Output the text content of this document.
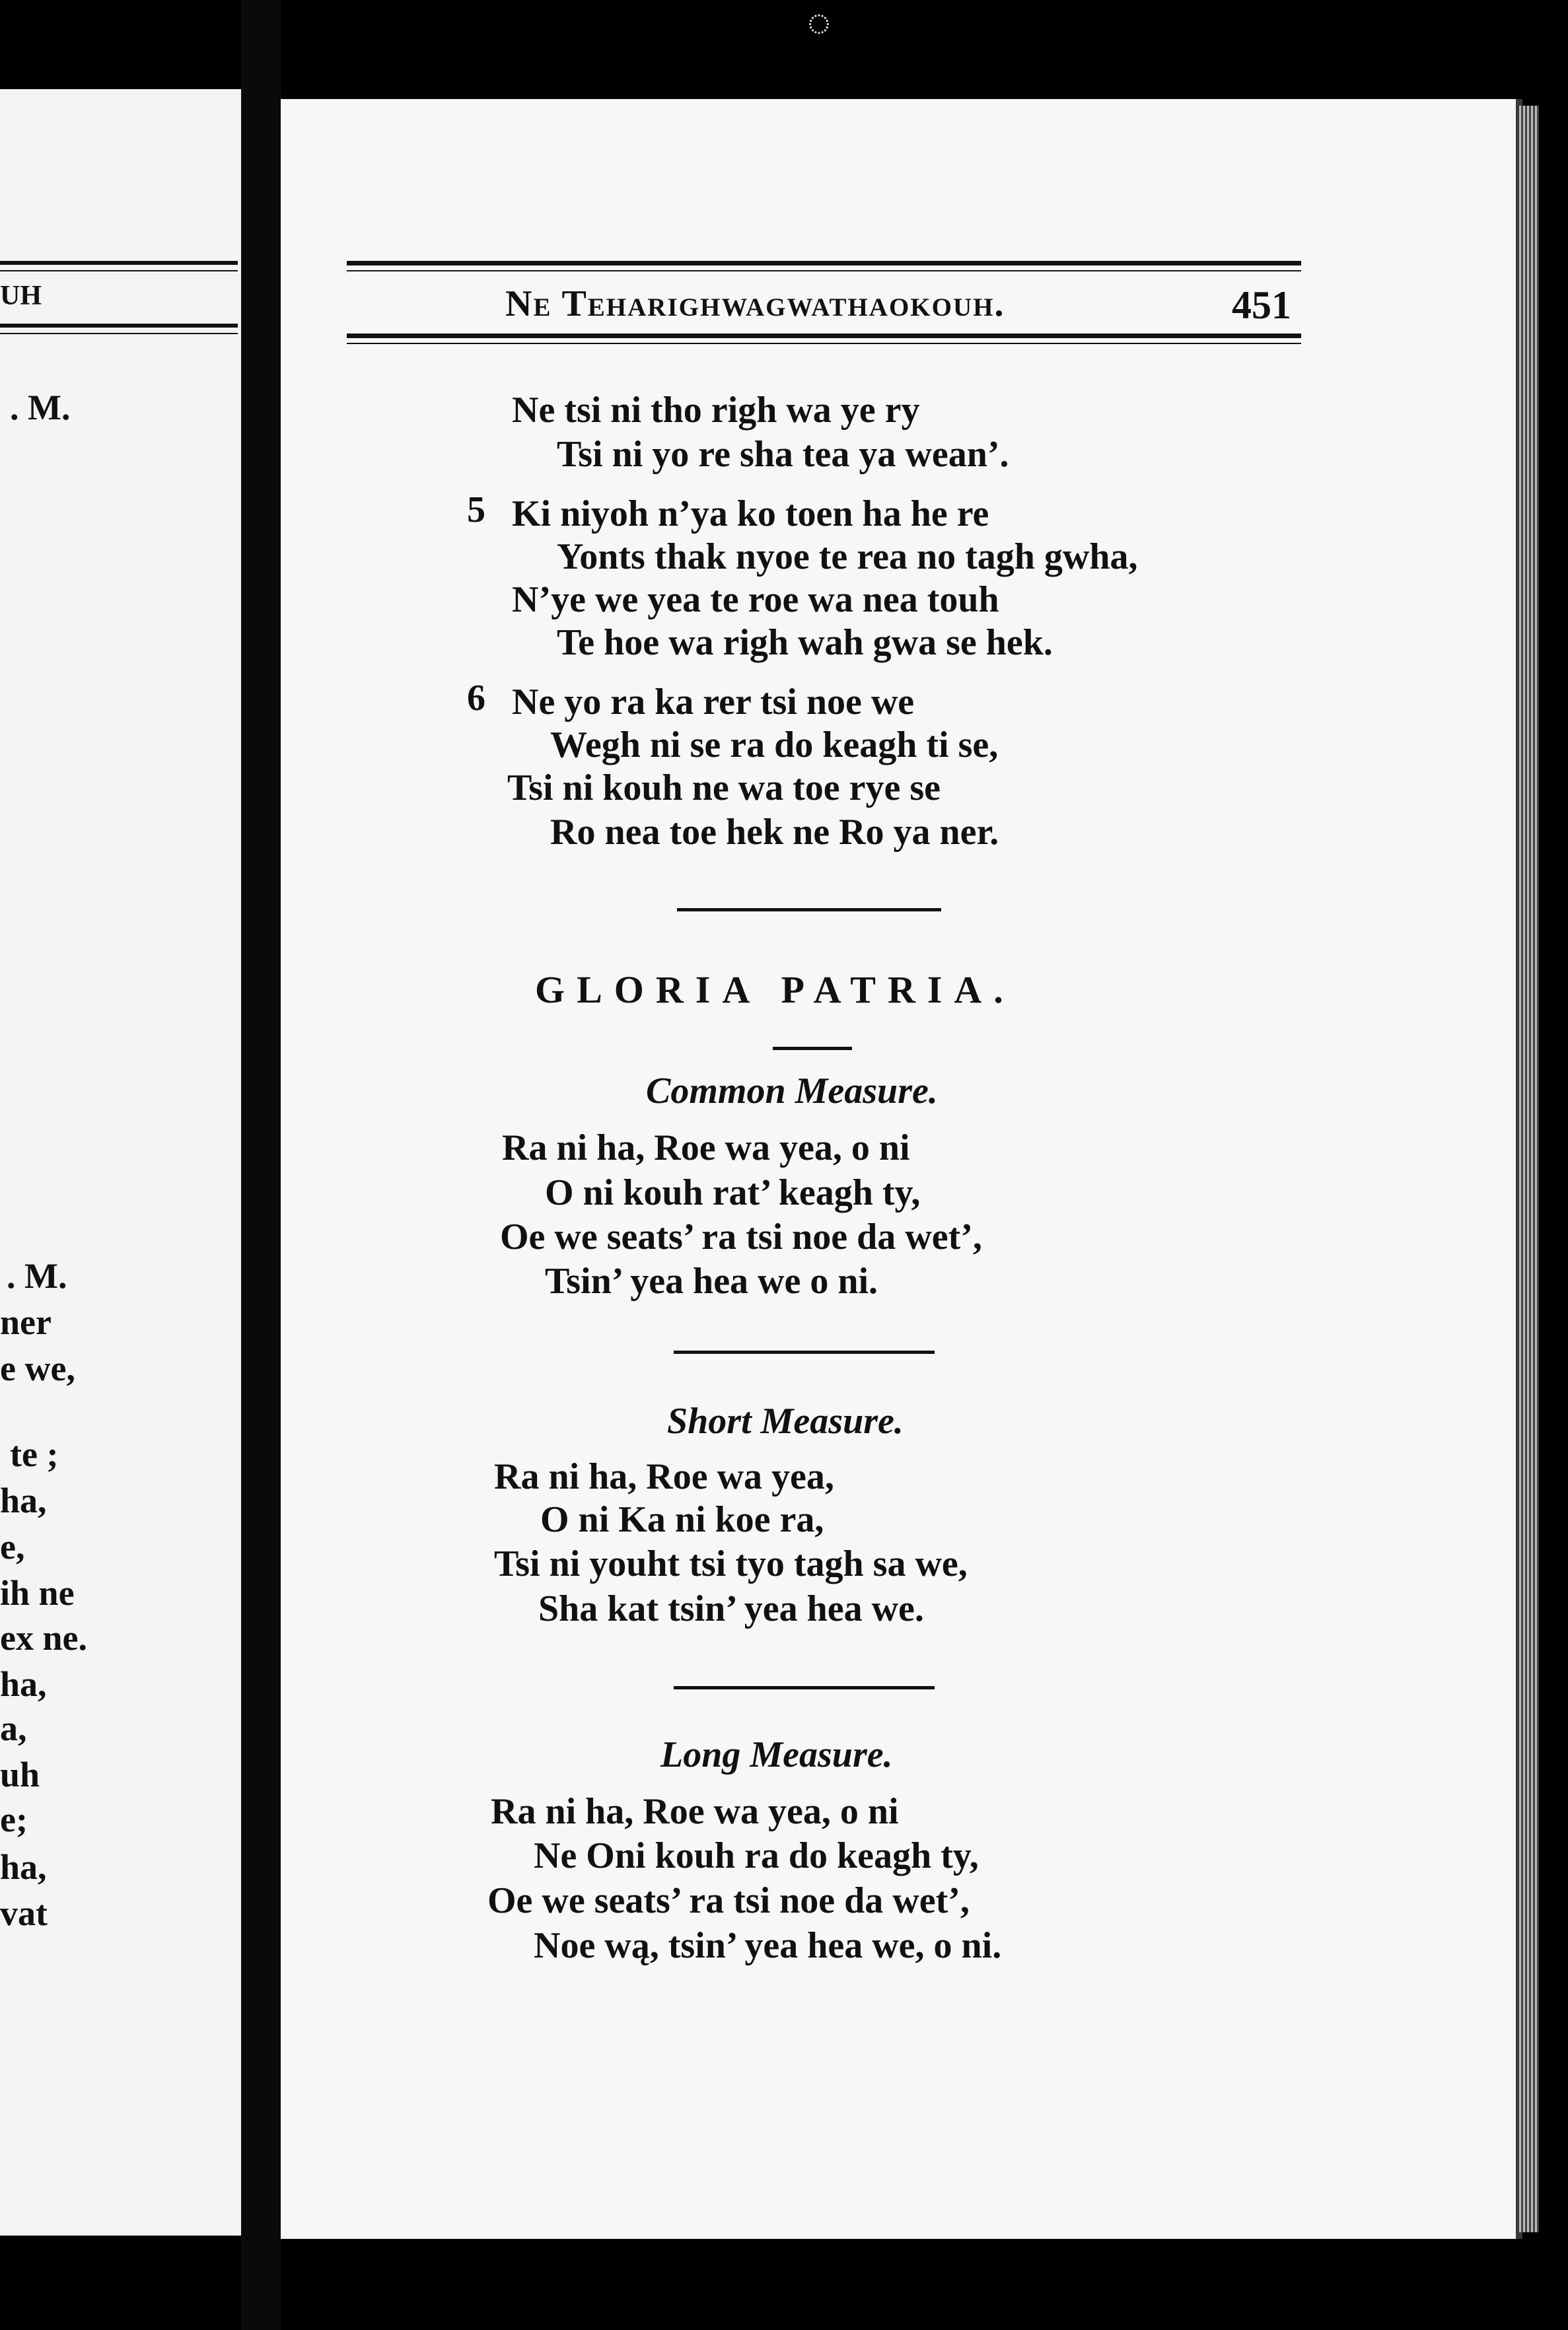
◌
UH
. M.
. M.
ner
e we,
te ;
ha,
e,
ih ne
ex ne.
ha,
a,
uh
e;
ha,
vat
Ne Teharighwagwathaokouh.	451
Ne tsi ni tho righ wa ye ry
Tsi ni yo re sha tea ya wean’.
5 Ki niyoh n’ya ko toen ha he re
Yonts thak nyoe te rea no tagh gwha,
N’ye we yea te roe wa nea touh
Te hoe wa righ wah gwa se hek.
6 Ne yo ra ka rer tsi noe we
Wegh ni se ra do keagh ti se,
Tsi ni kouh ne wa toe rye se
Ro nea toe hek ne Ro ya ner.
GLORIA PATRIA.
Common Measure.
Ra ni ha, Roe wa yea, o ni
O ni kouh rat’ keagh ty,
Oe we seats’ ra tsi noe da wet’,
Tsin’ yea hea we o ni.
Short Measure.
Ra ni ha, Roe wa yea,
O ni Ka ni koe ra,
Tsi ni youht tsi tyo tagh sa we,
Sha kat tsin’ yea hea we.
Long Measure.
Ra ni ha, Roe wa yea, o ni
Ne Oni kouh ra do keagh ty,
Oe we seats’ ra tsi noe da wet’,
Noe wą, tsin’ yea hea we, o ni.
